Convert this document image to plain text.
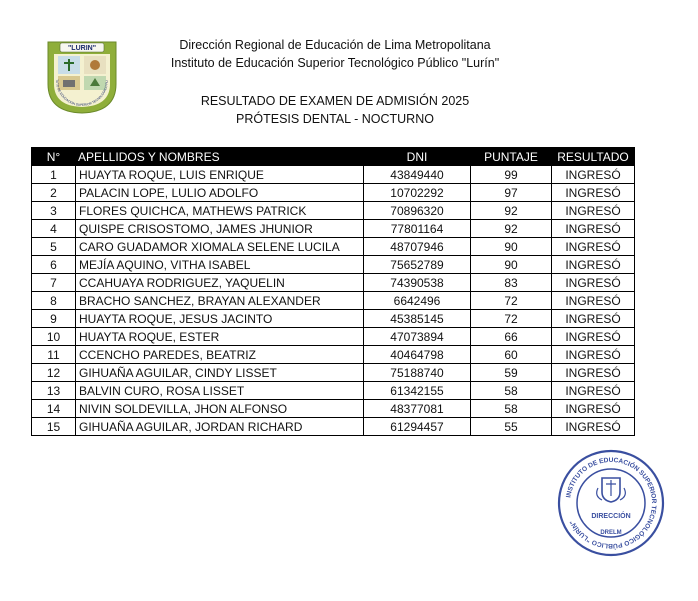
"LURIN"
TUTO DE EDUCACION SUPERIOR TECNOLOGICO PU
Dirección Regional de Educación de Lima Metropolitana
Instituto de Educación Superior Tecnológico Público "Lurín"
RESULTADO DE EXAMEN DE ADMISIÓN 2025
PRÓTESIS DENTAL - NOCTURNO
N°	APELLIDOS Y NOMBRES	DNI	PUNTAJE	RESULTADO
1	HUAYTA ROQUE, LUIS ENRIQUE	43849440	99	INGRESÓ
2	PALACIN LOPE, LULIO ADOLFO	10702292	97	INGRESÓ
3	FLORES QUICHCA, MATHEWS PATRICK	70896320	92	INGRESÓ
4	QUISPE CRISOSTOMO, JAMES JHUNIOR	77801164	92	INGRESÓ
5	CARO GUADAMOR XIOMALA SELENE LUCILA	48707946	90	INGRESÓ
6	MEJÍA AQUINO, VITHA ISABEL	75652789	90	INGRESÓ
7	CCAHUAYA RODRIGUEZ, YAQUELIN	74390538	83	INGRESÓ
8	BRACHO SANCHEZ, BRAYAN ALEXANDER	6642496	72	INGRESÓ
9	HUAYTA ROQUE, JESUS JACINTO	45385145	72	INGRESÓ
10	HUAYTA ROQUE, ESTER	47073894	66	INGRESÓ
11	CCENCHO PAREDES, BEATRIZ	40464798	60	INGRESÓ
12	GIHUAÑA AGUILAR, CINDY LISSET	75188740	59	INGRESÓ
13	BALVIN CURO, ROSA LISSET	61342155	58	INGRESÓ
14	NIVIN SOLDEVILLA, JHON ALFONSO	48377081	58	INGRESÓ
15	GIHUAÑA AGUILAR, JORDAN RICHARD	61294457	55	INGRESÓ
INSTITUTO DE EDUCACIÓN SUPERIOR TECNOLÓGICO PÚBLICO "LURÍN"
DIRECCIÓN
DRELM
